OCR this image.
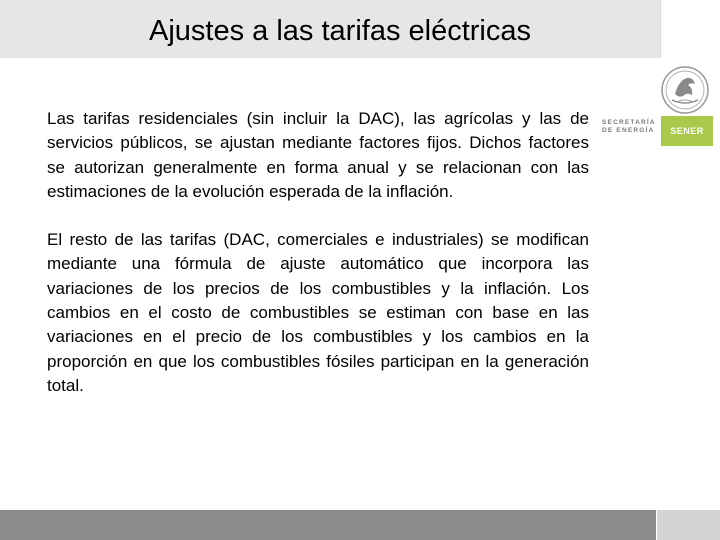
Ajustes a las tarifas eléctricas
SECRETARÍA
DE ENERGÍA	SENER

Las tarifas residenciales (sin incluir la DAC), las agrícolas y las de servicios públicos, se ajustan mediante factores fijos. Dichos factores se autorizan generalmente en forma anual y se relacionan con las estimaciones de la evolución esperada de la inflación.

El resto de las tarifas (DAC, comerciales e industriales) se modifican mediante una fórmula de ajuste automático que incorpora las variaciones de los precios de los combustibles y la inflación. Los cambios en el costo de combustibles se estiman con base en las variaciones en el precio de los combustibles y los cambios en la proporción en que los combustibles fósiles participan en la generación total.
